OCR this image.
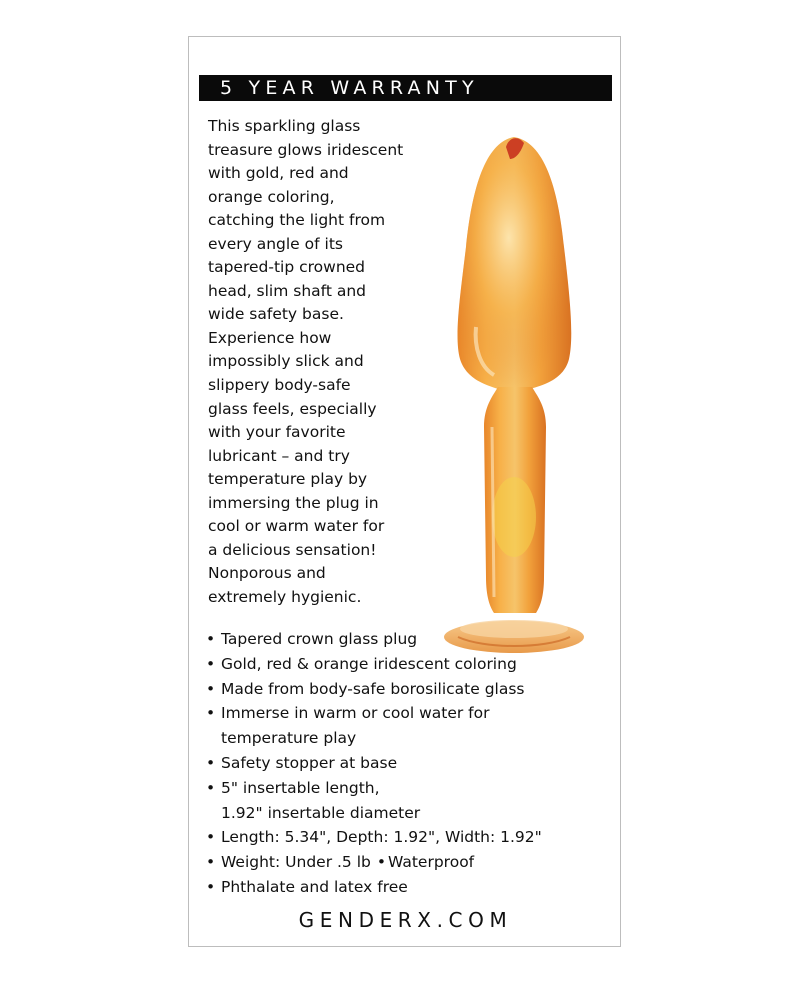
5 YEAR WARRANTY
This sparkling glass
treasure glows iridescent
with gold, red and
orange coloring,
catching the light from
every angle of its
tapered-tip crowned
head, slim shaft and
wide safety base.
Experience how
impossibly slick and
slippery body-safe
glass feels, especially
with your favorite
lubricant – and try
temperature play by
immersing the plug in
cool or warm water for
a delicious sensation!
Nonporous and
extremely hygienic.
• Tapered crown glass plug
• Gold, red & orange iridescent coloring
• Made from body-safe borosilicate glass
• Immerse in warm or cool water for
temperature play
• Safety stopper at base
• 5" insertable length,
1.92" insertable diameter
• Length: 5.34", Depth: 1.92", Width: 1.92"
• Weight: Under .5 lb • Waterproof
• Phthalate and latex free
GENDERX.COM
